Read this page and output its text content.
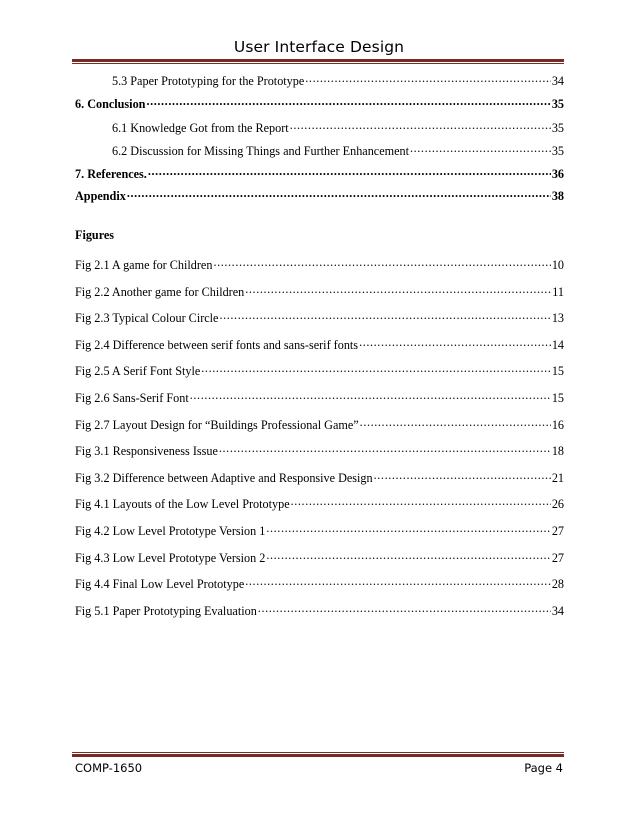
User Interface Design
Figures
5.3 Paper Prototyping for the Prototype .....	34
6. Conclusion .....	35
6.1 Knowledge Got from the Report .....	35
6.2 Discussion for Missing Things and Further Enhancement .....	35
7. References. .....	36
Appendix .....	38
Fig 2.1 A game for Children .....	10
Fig 2.2 Another game for Children .....	11
Fig 2.3 Typical Colour Circle .....	13
Fig 2.4 Difference between serif fonts and sans-serif fonts .....	14
Fig 2.5 A Serif Font Style .....	15
Fig 2.6 Sans-Serif Font .....	15
Fig 2.7 Layout Design for “Buildings Professional Game” .....	16
Fig 3.1 Responsiveness Issue .....	18
Fig 3.2 Difference between Adaptive and Responsive Design .....	21
Fig 4.1 Layouts of the Low Level Prototype .....	26
Fig 4.2 Low Level Prototype Version 1 .....	27
Fig 4.3 Low Level Prototype Version 2 .....	27
Fig 4.4 Final Low Level Prototype .....	28
Fig 5.1 Paper Prototyping Evaluation .....	34
COMP-1650	Page 4
